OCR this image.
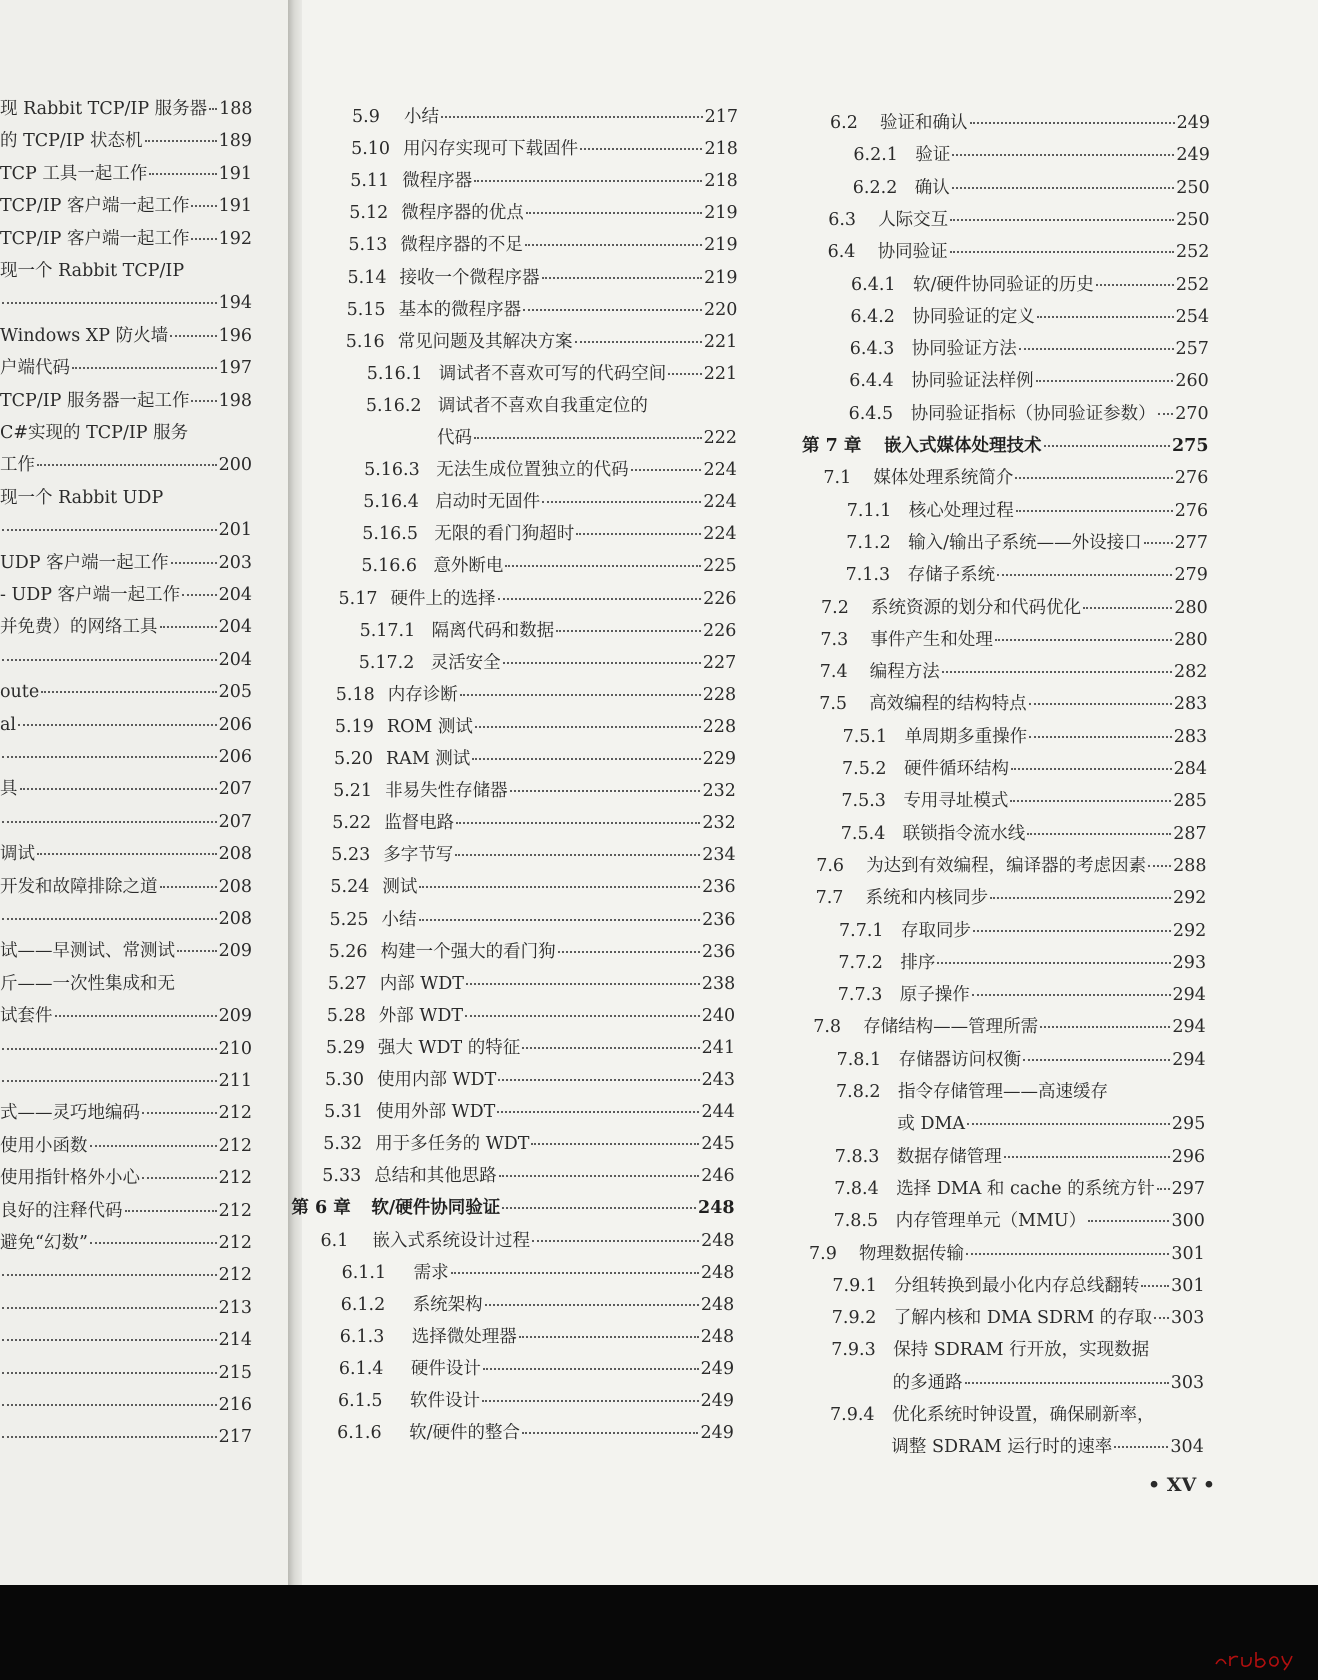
现 Rabbit TCP/IP 服务器 188
的 TCP/IP 状态机	189
TCP 工具一起工作	191
TCP/IP 客户端一起工作 191
TCP/IP 客户端一起工作 192
现一个 Rabbit TCP/IP
194
Windows XP 防火墙	196
户端代码	197
TCP/IP 服务器一起工作 198
C#实现的 TCP/IP 服务
工作	200
现一个 Rabbit UDP
201
UDP 客户端一起工作	203
- UDP 客户端一起工作 204
并免费）的网络工具	204
204
oute	205
al	206
206
具	207
207
调试	208
开发和故障排除之道	208
208
试——早测试、常测试 209
斤——一次性集成和无
试套件	209
210
211
式——灵巧地编码	212
使用小函数	212
使用指针格外小心	212
良好的注释代码	212
避免“幻数”	212
212
213
214
215
216
217
5.9	小结	217
5.10 用闪存实现可下载固件	218
5.11 微程序器	218
5.12 微程序器的优点	219
5.13 微程序器的不足	219
5.14 接收一个微程序器	219
5.15 基本的微程序器	220
5.16 常见问题及其解决方案	221
5.16.1 调试者不喜欢可写的代码空间 221
5.16.2 调试者不喜欢自我重定位的
代码	222
5.16.3 无法生成位置独立的代码	224
5.16.4 启动时无固件	224
5.16.5 无限的看门狗超时	224
5.16.6 意外断电	225
5.17 硬件上的选择	226
5.17.1 隔离代码和数据	226
5.17.2 灵活安全	227
5.18 内存诊断	228
5.19 ROM 测试	228
5.20 RAM 测试	229
5.21 非易失性存储器	232
5.22 监督电路	232
5.23 多字节写	234
5.24 测试	236
5.25 小结	236
5.26 构建一个强大的看门狗	236
5.27 内部 WDT	238
5.28 外部 WDT	240
5.29 强大 WDT 的特征	241
5.30 使用内部 WDT	243
5.31 使用外部 WDT	244
5.32 用于多任务的 WDT	245
5.33 总结和其他思路	246
第 6 章	软/硬件协同验证	248
6.1	嵌入式系统设计过程	248
6.1.1	需求	248
6.1.2	系统架构	248
6.1.3	选择微处理器	248
6.1.4	硬件设计	249
6.1.5	软件设计	249
6.1.6	软/硬件的整合	249
6.2	验证和确认	249
6.2.1 验证	249
6.2.2 确认	250
6.3	人际交互	250
6.4	协同验证	252
6.4.1 软/硬件协同验证的历史	252
6.4.2 协同验证的定义	254
6.4.3 协同验证方法	257
6.4.4 协同验证法样例	260
6.4.5 协同验证指标（协同验证参数） 270
第 7 章	嵌入式媒体处理技术	275
7.1	媒体处理系统简介	276
7.1.1 核心处理过程	276
7.1.2 输入/输出子系统——外设接口 277
7.1.3 存储子系统	279
7.2	系统资源的划分和代码优化	280
7.3	事件产生和处理	280
7.4	编程方法	282
7.5	高效编程的结构特点	283
7.5.1 单周期多重操作	283
7.5.2 硬件循环结构	284
7.5.3 专用寻址模式	285
7.5.4 联锁指令流水线	287
7.6	为达到有效编程，编译器的考虑因素 288
7.7	系统和内核同步	292
7.7.1 存取同步	292
7.7.2 排序	293
7.7.3 原子操作	294
7.8	存储结构——管理所需	294
7.8.1 存储器访问权衡	294
7.8.2 指令存储管理——高速缓存
或 DMA	295
7.8.3 数据存储管理	296
7.8.4 选择 DMA 和 cache 的系统方针 297
7.8.5 内存管理单元（MMU）	300
7.9	物理数据传输	301
7.9.1 分组转换到最小化内存总线翻转 301
7.9.2 了解内核和 DMA SDRM 的存取 303
7.9.3 保持 SDRAM 行开放，实现数据
的多通路	303
7.9.4 优化系统时钟设置，确保刷新率，
调整 SDRAM 运行时的速率	304
• XV •
